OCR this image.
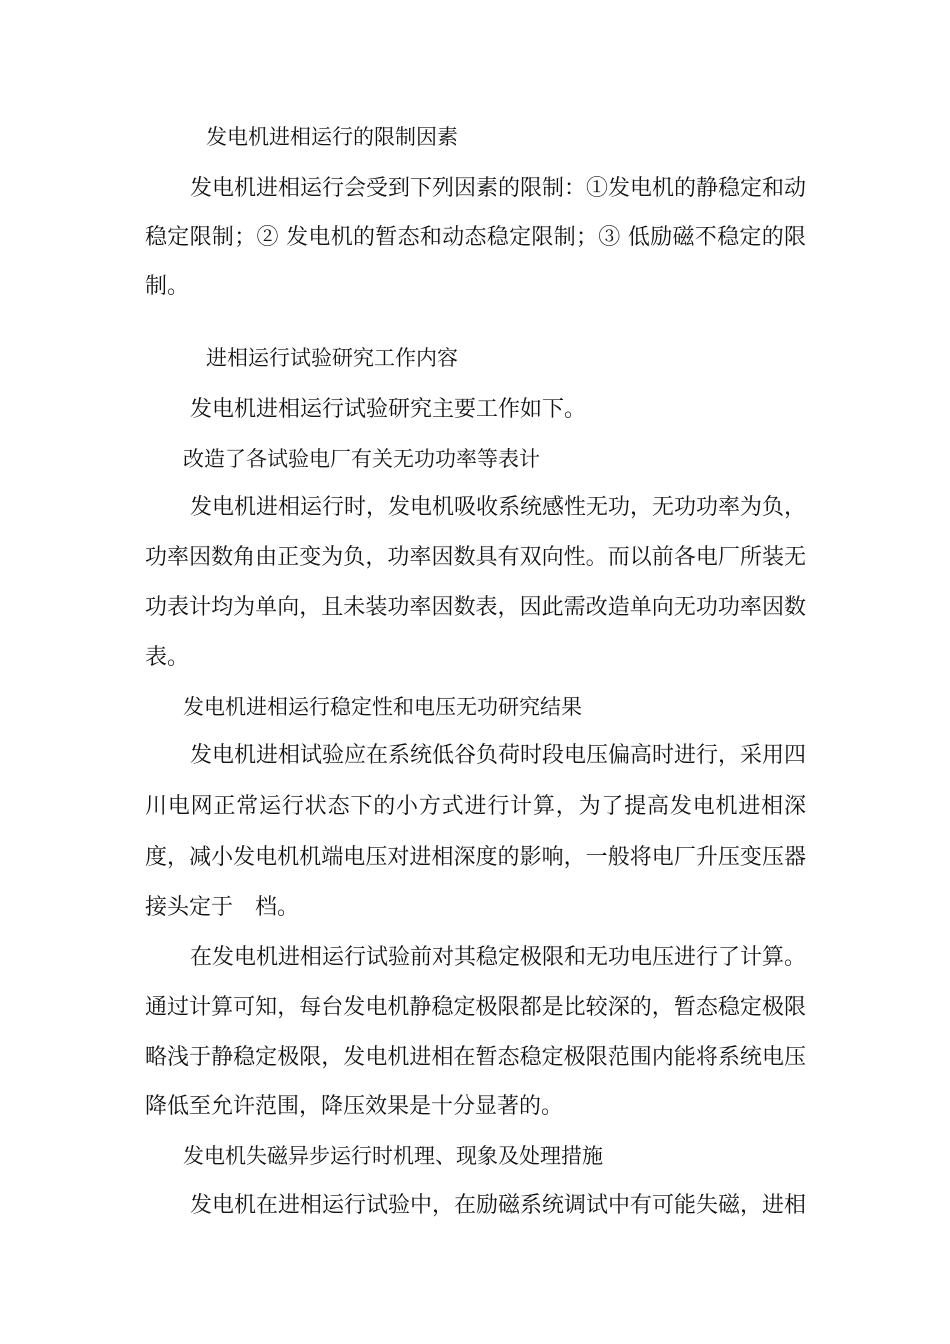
发电机进相运行的限制因素

发电机进相运行会受到下列因素的限制：①发电机的静稳定和动

稳定限制；② 发电机的暂态和动态稳定限制；③ 低励磁不稳定的限

制。

进相运行试验研究工作内容

发电机进相运行试验研究主要工作如下。

改造了各试验电厂有关无功功率等表计

发电机进相运行时，发电机吸收系统感性无功，无功功率为负，

功率因数角由正变为负，功率因数具有双向性。而以前各电厂所装无

功表计均为单向，且未装功率因数表，因此需改造单向无功功率因数

表。

发电机进相运行稳定性和电压无功研究结果

发电机进相试验应在系统低谷负荷时段电压偏高时进行，采用四

川电网正常运行状态下的小方式进行计算，为了提高发电机进相深

度，减小发电机机端电压对进相深度的影响，一般将电厂升压变压器

接头定于　档。

在发电机进相运行试验前对其稳定极限和无功电压进行了计算。

通过计算可知，每台发电机静稳定极限都是比较深的，暂态稳定极限

略浅于静稳定极限，发电机进相在暂态稳定极限范围内能将系统电压

降低至允许范围，降压效果是十分显著的。

发电机失磁异步运行时机理、现象及处理措施

发电机在进相运行试验中，在励磁系统调试中有可能失磁，进相
